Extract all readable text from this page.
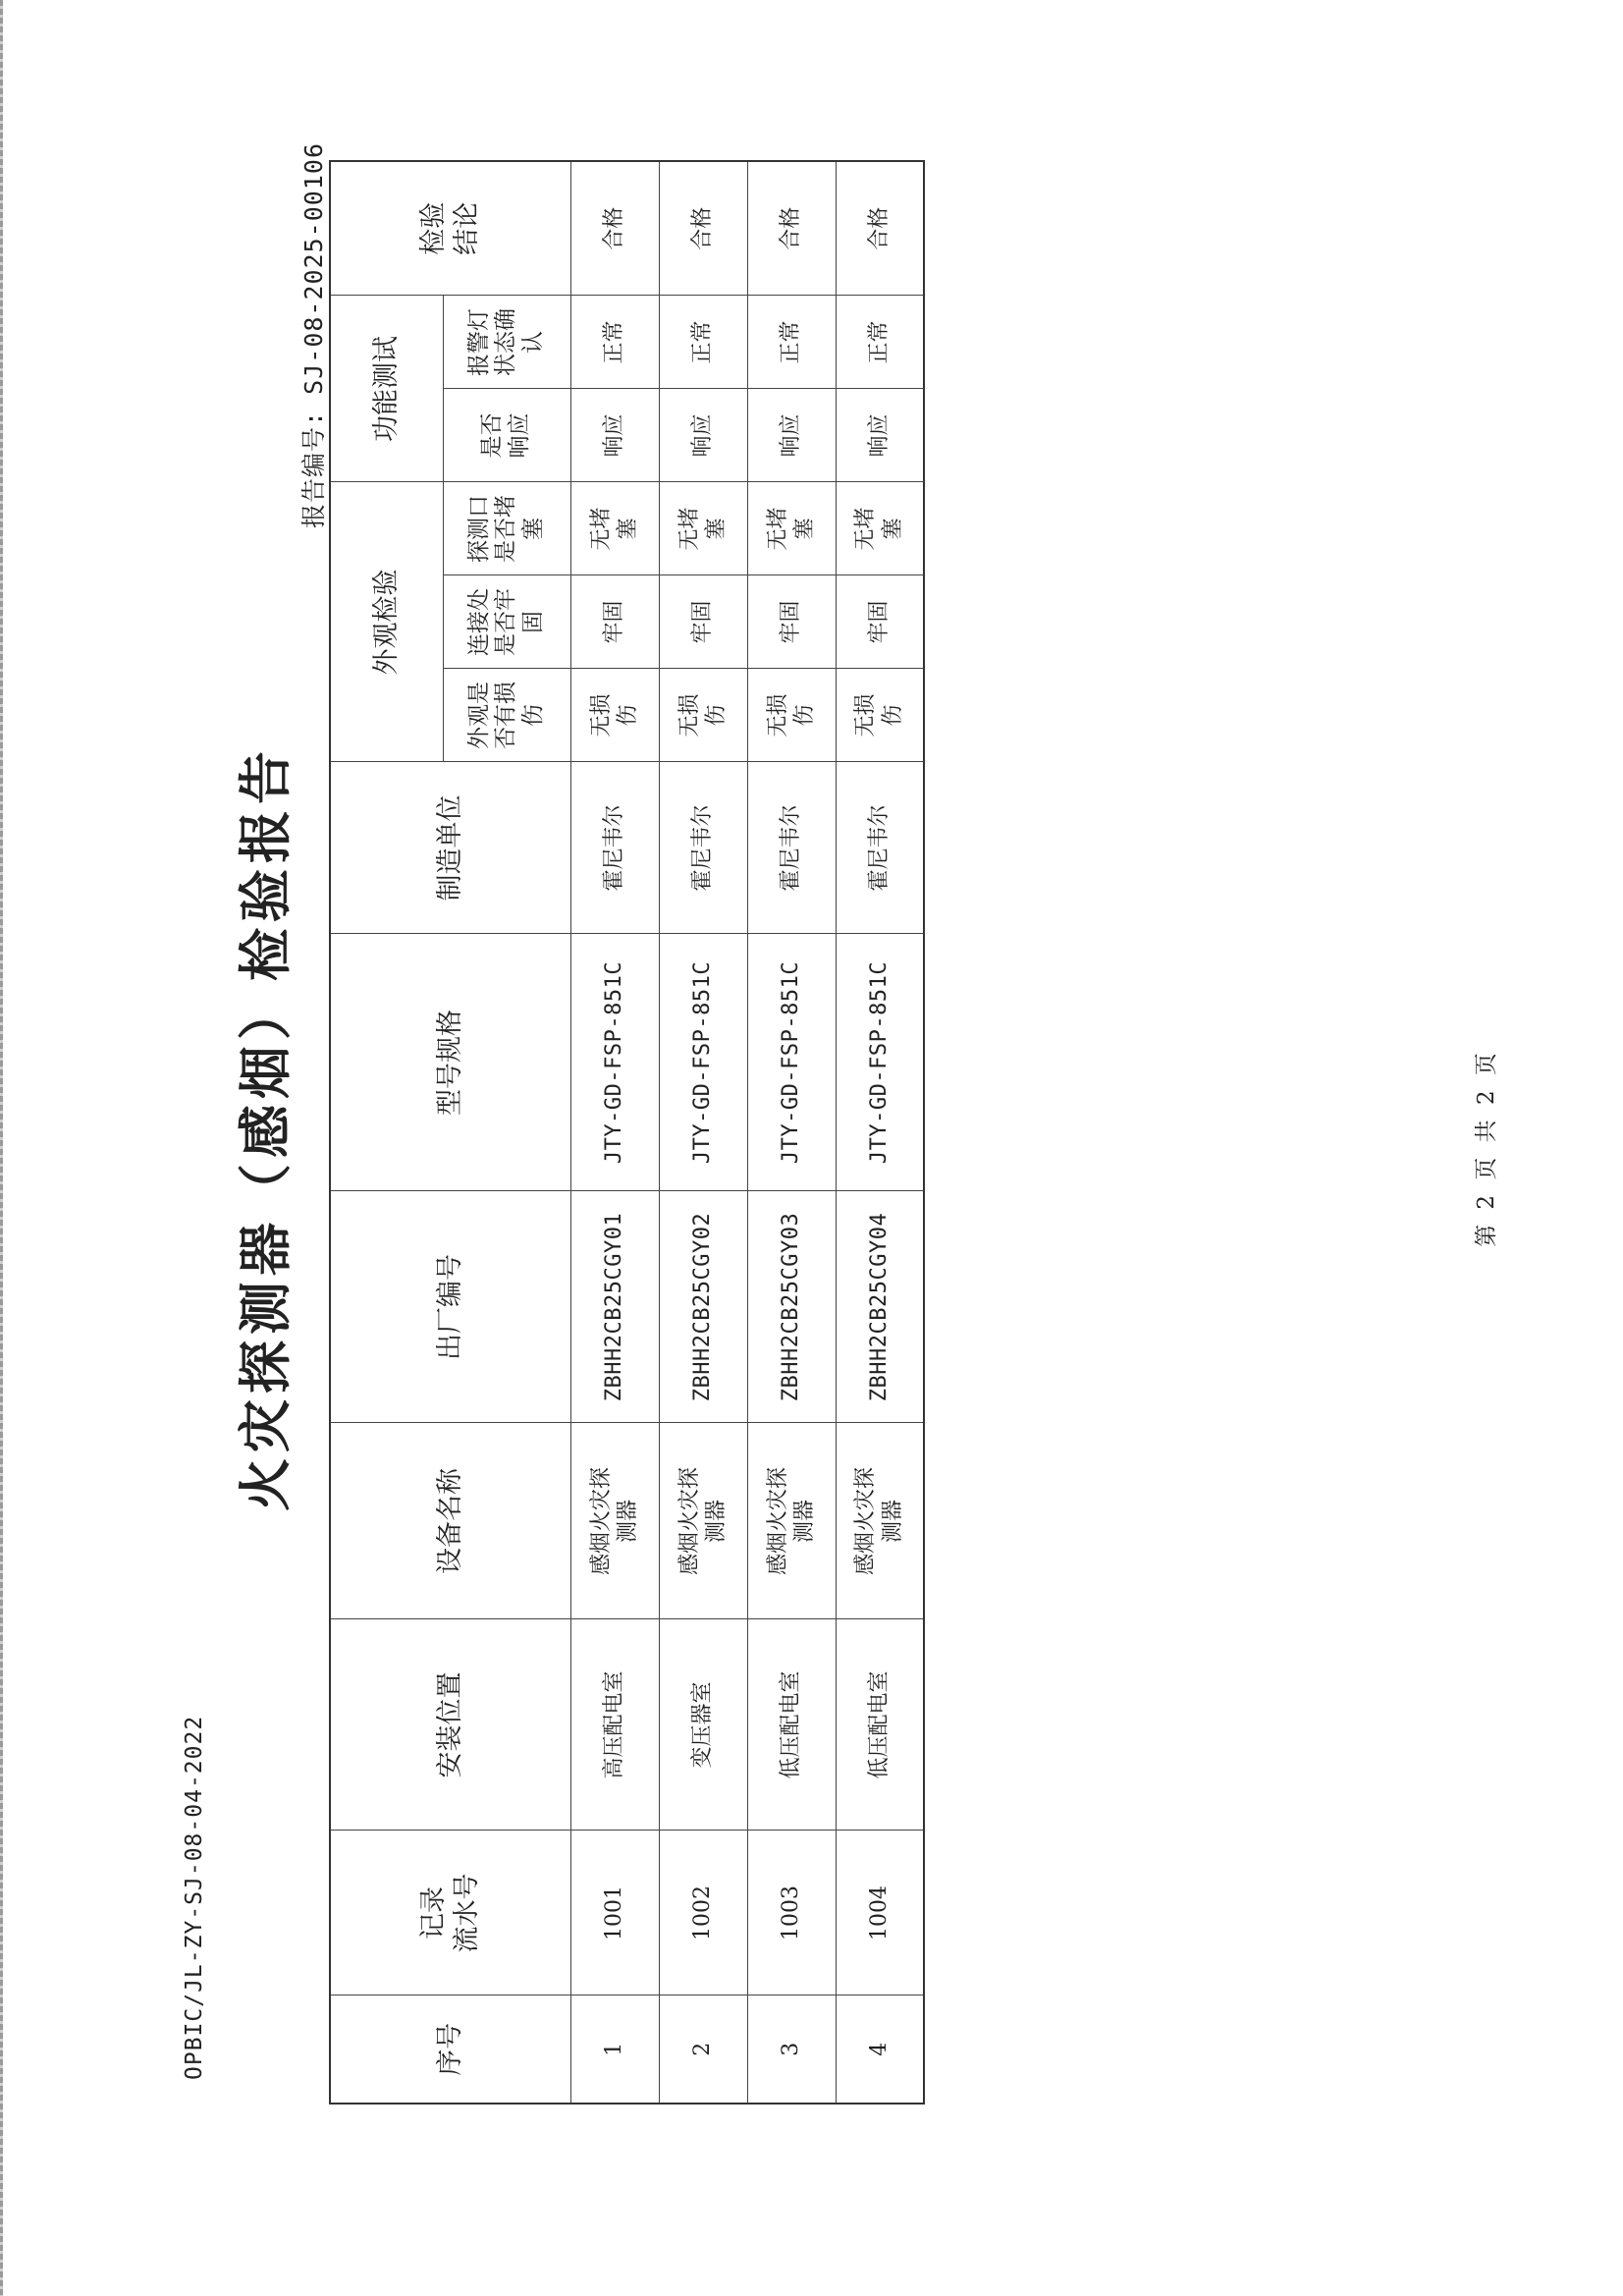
OPBIC/JL-ZY-SJ-08-04-2022
火灾探测器（感烟）检验报告
报告编号: SJ-08-2025-00106
序号	记录
流水号	安装位置	设备名称	出厂编号	型号规格	制造单位	外观检验			功能测试		检验
结论

							外观是否有损伤	连接处是否牢固	探测口是否堵塞	是否响应	报警灯状态确认	

1	1001	高压配电室	感烟火灾探
测器	ZBHH2CB25CGY01	JTY-GD-FSP-851C	霍尼韦尔	无损
伤	牢固	无堵
塞	响应	正常	合格
2	1002	变压器室	感烟火灾探
测器	ZBHH2CB25CGY02	JTY-GD-FSP-851C	霍尼韦尔	无损
伤	牢固	无堵
塞	响应	正常	合格
3	1003	低压配电室	感烟火灾探
测器	ZBHH2CB25CGY03	JTY-GD-FSP-851C	霍尼韦尔	无损
伤	牢固	无堵
塞	响应	正常	合格
4	1004	低压配电室	感烟火灾探
测器	ZBHH2CB25CGY04	JTY-GD-FSP-851C	霍尼韦尔	无损
伤	牢固	无堵
塞	响应	正常	合格
第 2 页 共 2 页
